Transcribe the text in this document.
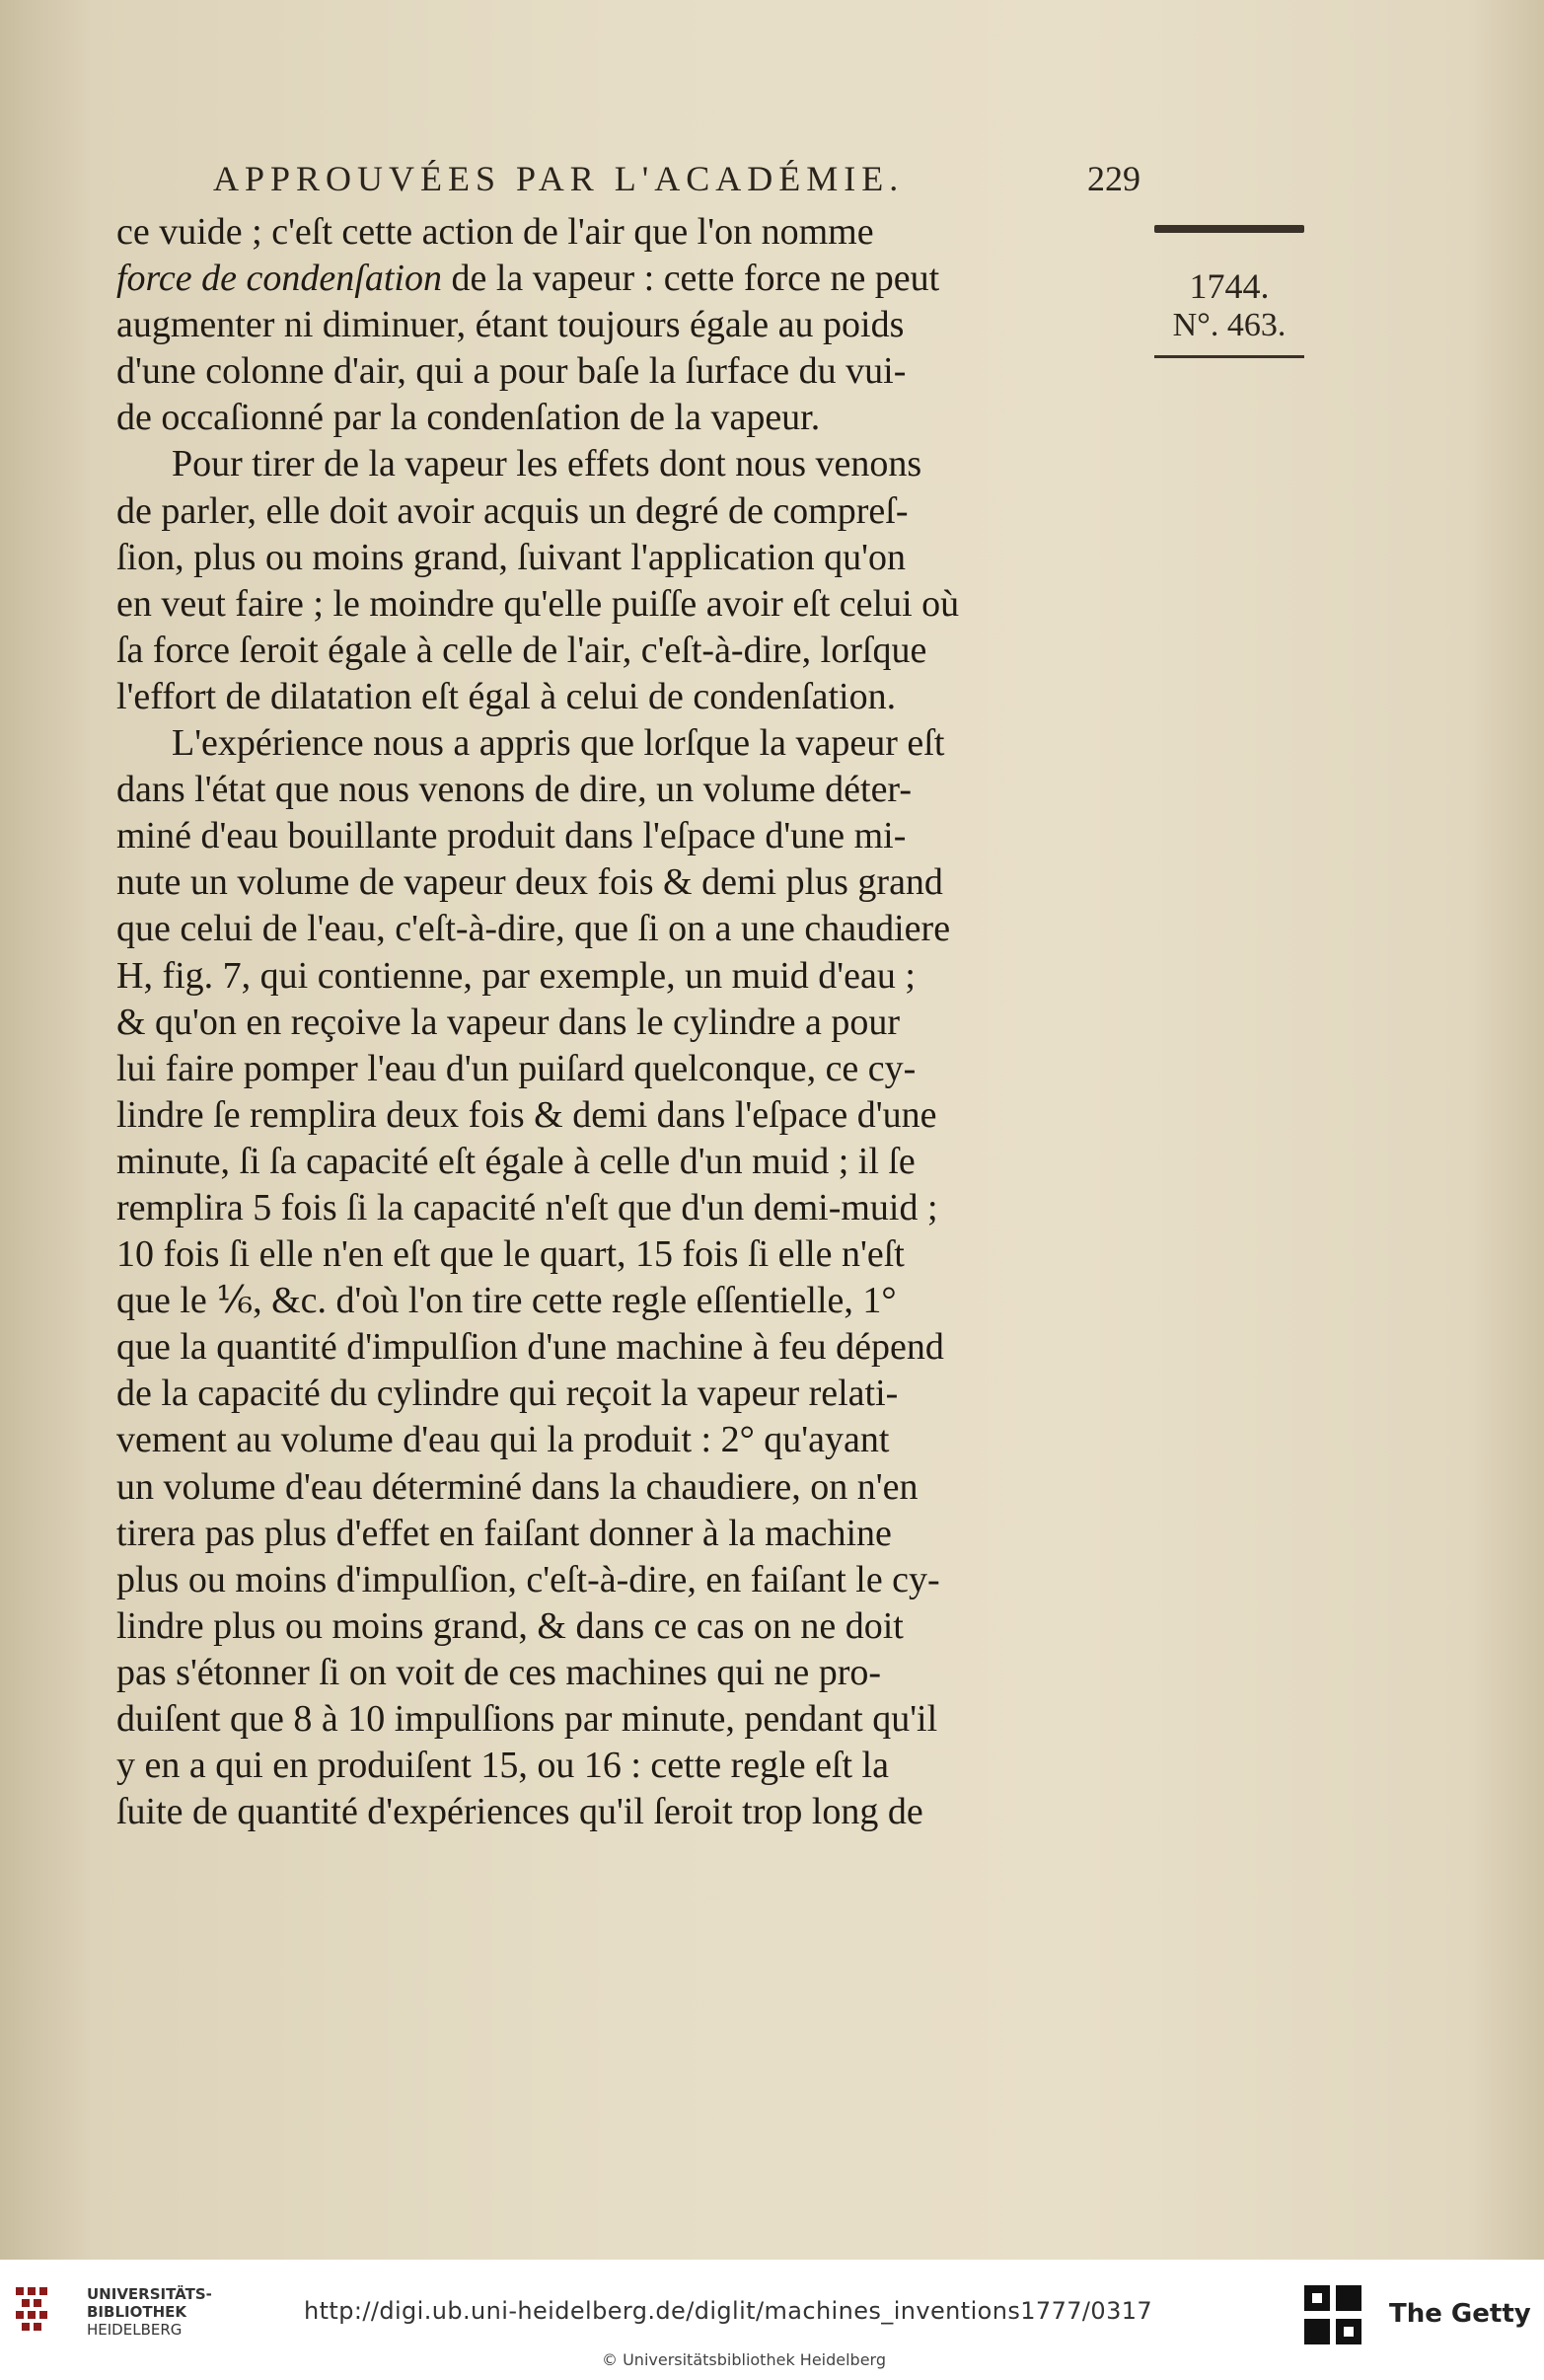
APPROUVÉES PAR L'ACADÉMIE.	229
1744.
N°. 463.

ce vuide ; c'eſt cette action de l'air que l'on nomme
force de condenſation de la vapeur : cette force ne peut
augmenter ni diminuer, étant toujours égale au poids
d'une colonne d'air, qui a pour baſe la ſurface du vui-
de occaſionné par la condenſation de la vapeur.

Pour tirer de la vapeur les effets dont nous venons
de parler, elle doit avoir acquis un degré de compreſ-
ſion, plus ou moins grand, ſuivant l'application qu'on
en veut faire ; le moindre qu'elle puiſſe avoir eſt celui où
ſa force ſeroit égale à celle de l'air, c'eſt-à-dire, lorſque
l'effort de dilatation eſt égal à celui de condenſation.

L'expérience nous a appris que lorſque la vapeur eſt
dans l'état que nous venons de dire, un volume déter-
miné d'eau bouillante produit dans l'eſpace d'une mi-
nute un volume de vapeur deux fois & demi plus grand
que celui de l'eau, c'eſt-à-dire, que ſi on a une chaudiere
H, fig. 7, qui contienne, par exemple, un muid d'eau ;
& qu'on en reçoive la vapeur dans le cylindre a pour
lui faire pomper l'eau d'un puiſard quelconque, ce cy-
lindre ſe remplira deux fois & demi dans l'eſpace d'une
minute, ſi ſa capacité eſt égale à celle d'un muid ; il ſe
remplira 5 fois ſi la capacité n'eſt que d'un demi-muid ;
10 fois ſi elle n'en eſt que le quart, 15 fois ſi elle n'eſt
que le ⅙, &c. d'où l'on tire cette regle eſſentielle, 1°
que la quantité d'impulſion d'une machine à feu dépend
de la capacité du cylindre qui reçoit la vapeur relati-
vement au volume d'eau qui la produit : 2° qu'ayant
un volume d'eau déterminé dans la chaudiere, on n'en
tirera pas plus d'effet en faiſant donner à la machine
plus ou moins d'impulſion, c'eſt-à-dire, en faiſant le cy-
lindre plus ou moins grand, & dans ce cas on ne doit
pas s'étonner ſi on voit de ces machines qui ne pro-
duiſent que 8 à 10 impulſions par minute, pendant qu'il
y en a qui en produiſent 15, ou 16 : cette regle eſt la
ſuite de quantité d'expériences qu'il ſeroit trop long de

UNIVERSITÄTS-
BIBLIOTHEK
HEIDELBERG
http://digi.ub.uni-heidelberg.de/diglit/machines_inventions1777/0317
© Universitätsbibliothek Heidelberg
The Getty
